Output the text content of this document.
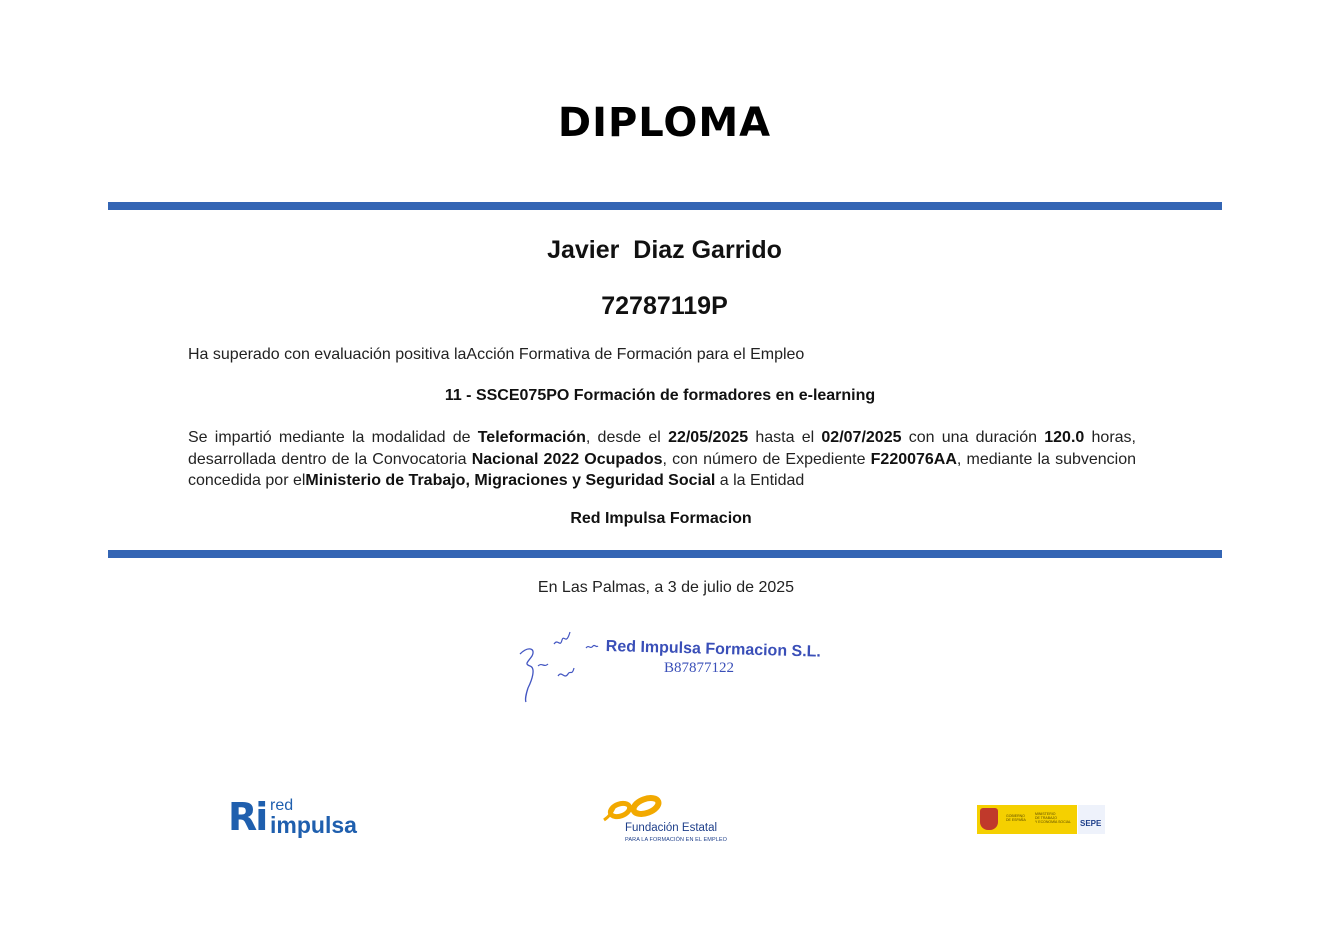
DIPLOMA
Javier  Diaz Garrido
72787119P
Ha superado con evaluación positiva laAcción Formativa de Formación para el Empleo
11 - SSCE075PO Formación de formadores en e-learning
Se impartió mediante la modalidad de Teleformación, desde el 22/05/2025 hasta el 02/07/2025 con una duración 120.0 horas, desarrollada dentro de la Convocatoria Nacional 2022 Ocupados, con número de Expediente F220076AA, mediante la subvencion concedida por elMinisterio de Trabajo, Migraciones y Seguridad Social a la Entidad
Red Impulsa Formacion
En Las Palmas, a 3 de julio de 2025
Red Impulsa Formacion S.L.
B87877122
Ri red
impulsa	Fundación Estatal
PARA LA FORMACIÓN EN EL EMPLEO
GOBIERNO
DE ESPAÑA
MINISTERIO
DE TRABAJO
Y ECONOMÍA SOCIAL SEPE
